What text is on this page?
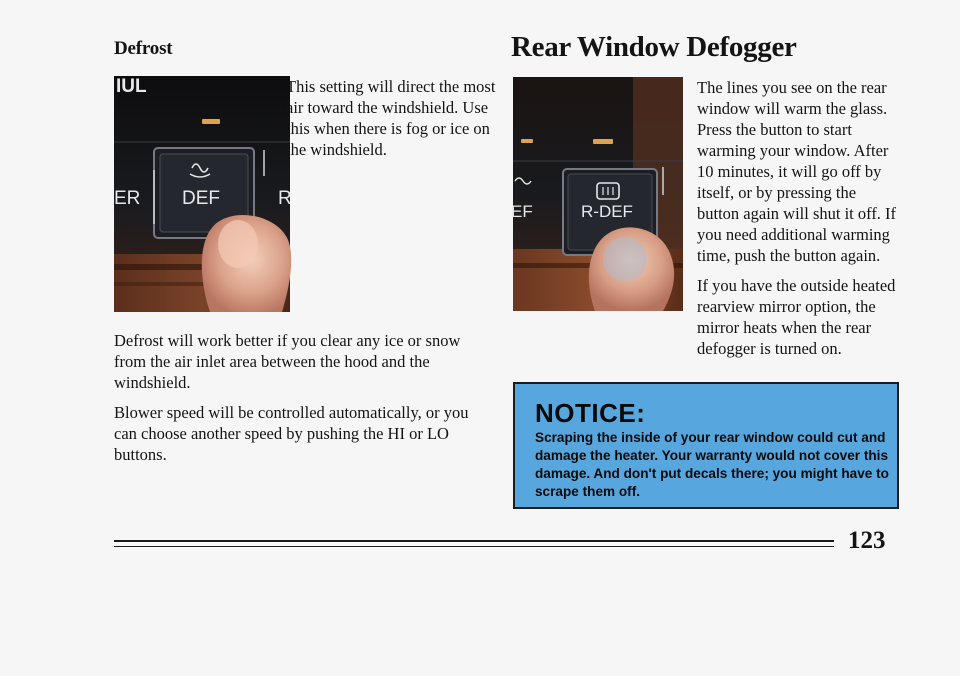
Defrost	Rear Window Defogger
IUL
DEF
ER	R
This setting will direct the most air toward the windshield. Use this when there is fog or ice on the windshield.

Defrost will work better if you clear any ice or snow from the air inlet area between the hood and the windshield.

Blower speed will be controlled automatically, or you can choose another speed by pushing the HI or LO buttons.

R-DEF
EF

The lines you see on the rear window will warm the glass. Press the button to start warming your window. After 10 minutes, it will go off by itself, or by pressing the button again will shut it off. If you need additional warming time, push the button again.

If you have the outside heated rearview mirror option, the mirror heats when the rear defogger is turned on.

NOTICE:
Scraping the inside of your rear window could cut and damage the heater. Your warranty would not cover this damage. And don't put decals there; you might have to scrape them off.
123
